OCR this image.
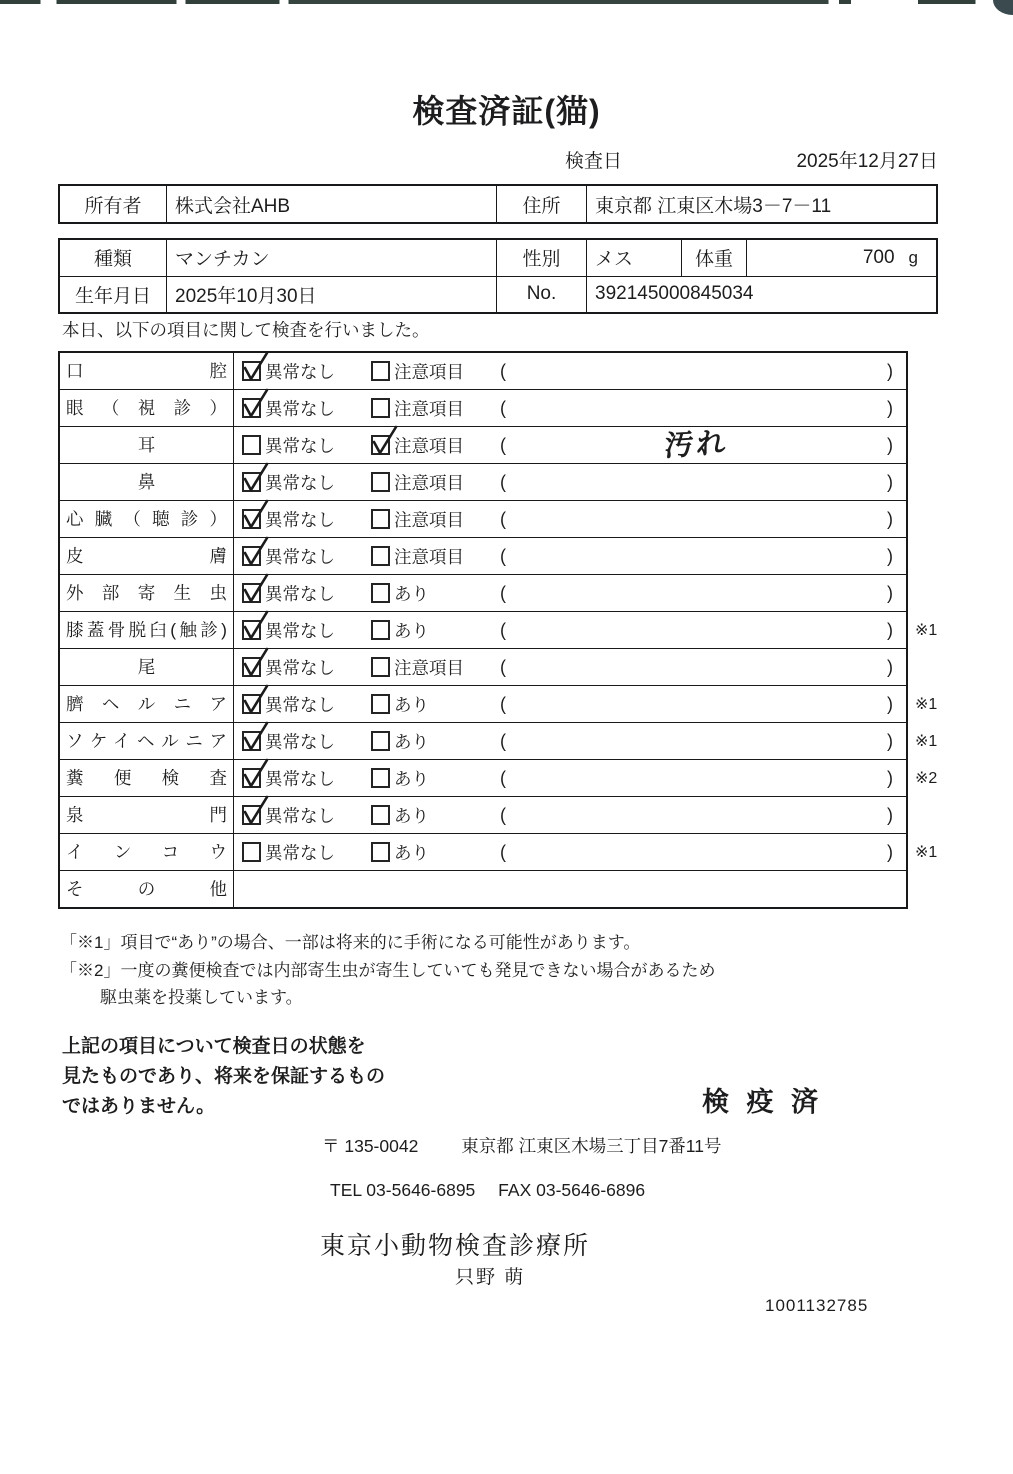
検査済証(猫)
検査日	2025年12月27日
所有者	株式会社AHB	住所	東京都 江東区木場3－7－11
種類	マンチカン	性別	メス	体重	700 g
生年月日	2025年10月30日	No.	392145000845034
本日、以下の項目に関して検査を行いました。
口腔	異常なし	注意項目 (	)
眼（視診）	異常なし	注意項目 (	)
耳	異常なし	注意項目 (	汚れ	)
鼻	異常なし	注意項目 (	)
心臓（聴診）	異常なし	注意項目 (	)
皮膚	異常なし	注意項目 (	)
外部寄生虫	異常なし	あり	(	)
膝蓋骨脱臼(触診)	異常なし	あり	(	) ※1
尾	異常なし	注意項目 (	)
臍ヘルニア	異常なし	あり	(	) ※1
ソケイヘルニア	異常なし	あり	(	) ※1
糞便検査	異常なし	あり	(	) ※2
泉門	異常なし	あり	(	)
インコウ	異常なし	あり	(	) ※1
その他
「※1」項目で“あり”の場合、一部は将来的に手術になる可能性があります。
「※2」一度の糞便検査では内部寄生虫が寄生していても発見できない場合があるため
駆虫薬を投薬しています。
上記の項目について検査日の状態を
見たものであり、将来を保証するもの
ではありません。	検 疫 済
〒 135-0042 東京都 江東区木場三丁目7番11号
TEL 03-5646-6895 FAX 03-5646-6896
東京小動物検査診療所
只野 萌
1001132785
